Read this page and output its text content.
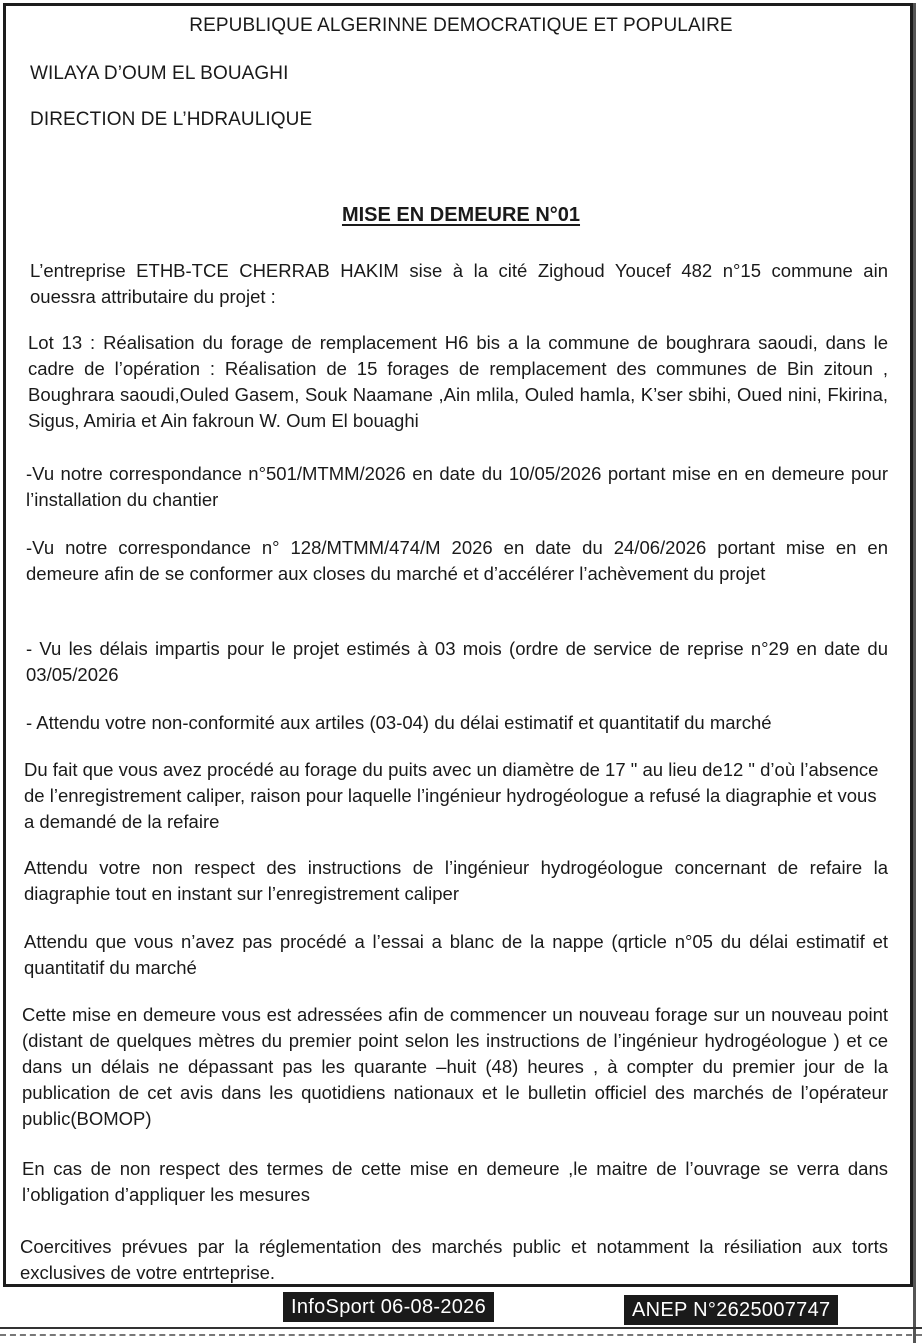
REPUBLIQUE ALGERINNE DEMOCRATIQUE ET POPULAIRE
WILAYA D’OUM EL BOUAGHI
DIRECTION DE L’HDRAULIQUE
MISE EN DEMEURE N°01

L’entreprise ETHB-TCE CHERRAB HAKIM sise à la cité Zighoud Youcef 482 n°15 commune ain ouessra attributaire du projet :

Lot 13 : Réalisation du forage de remplacement H6 bis a la commune de boughrara saoudi, dans le cadre de l’opération : Réalisation de 15 forages de remplacement des communes de Bin zitoun , Boughrara saoudi,Ouled Gasem, Souk Naamane ,Ain mlila, Ouled hamla, K’ser sbihi, Oued nini, Fkirina, Sigus, Amiria et Ain fakroun W. Oum El bouaghi

-Vu notre correspondance n°501/MTMM/2026 en date du 10/05/2026 portant mise en en demeure pour l’installation du chantier

-Vu notre correspondance n° 128/MTMM/474/M 2026 en date du 24/06/2026 portant mise en en demeure afin de se conformer aux closes du marché et d’accélérer l’achèvement du projet

- Vu les délais impartis pour le projet estimés à 03 mois (ordre de service de reprise n°29 en date du 03/05/2026

- Attendu votre non-conformité aux artiles (03-04) du délai estimatif et quantitatif du marché

Du fait que vous avez procédé au forage du puits avec un diamètre de 17 " au lieu de12 " d’où l’absence de l’enregistrement caliper, raison pour laquelle l’ingénieur hydrogéologue a refusé la diagraphie et vous a demandé de la refaire

Attendu votre non respect des instructions de l’ingénieur hydrogéologue concernant de refaire la diagraphie tout en instant sur l’enregistrement caliper

Attendu que vous n’avez pas procédé a l’essai a blanc de la nappe (qrticle n°05 du délai estimatif et quantitatif du marché

Cette mise en demeure vous est adressées afin de commencer un nouveau forage sur un nouveau point (distant de quelques mètres du premier point selon les instructions de l’ingénieur hydrogéologue ) et ce dans un délais ne dépassant pas les quarante –huit (48) heures , à compter du premier jour de la publication de cet avis dans les quotidiens nationaux et le bulletin officiel des marchés de l’opérateur public(BOMOP)

En cas de non respect des termes de cette mise en demeure ,le maitre de l’ouvrage se verra dans l’obligation d’appliquer les mesures

Coercitives prévues par la réglementation des marchés public et notamment la résiliation aux torts exclusives de votre entrteprise.

InfoSport 06-08-2026	ANEP N°2625007747
